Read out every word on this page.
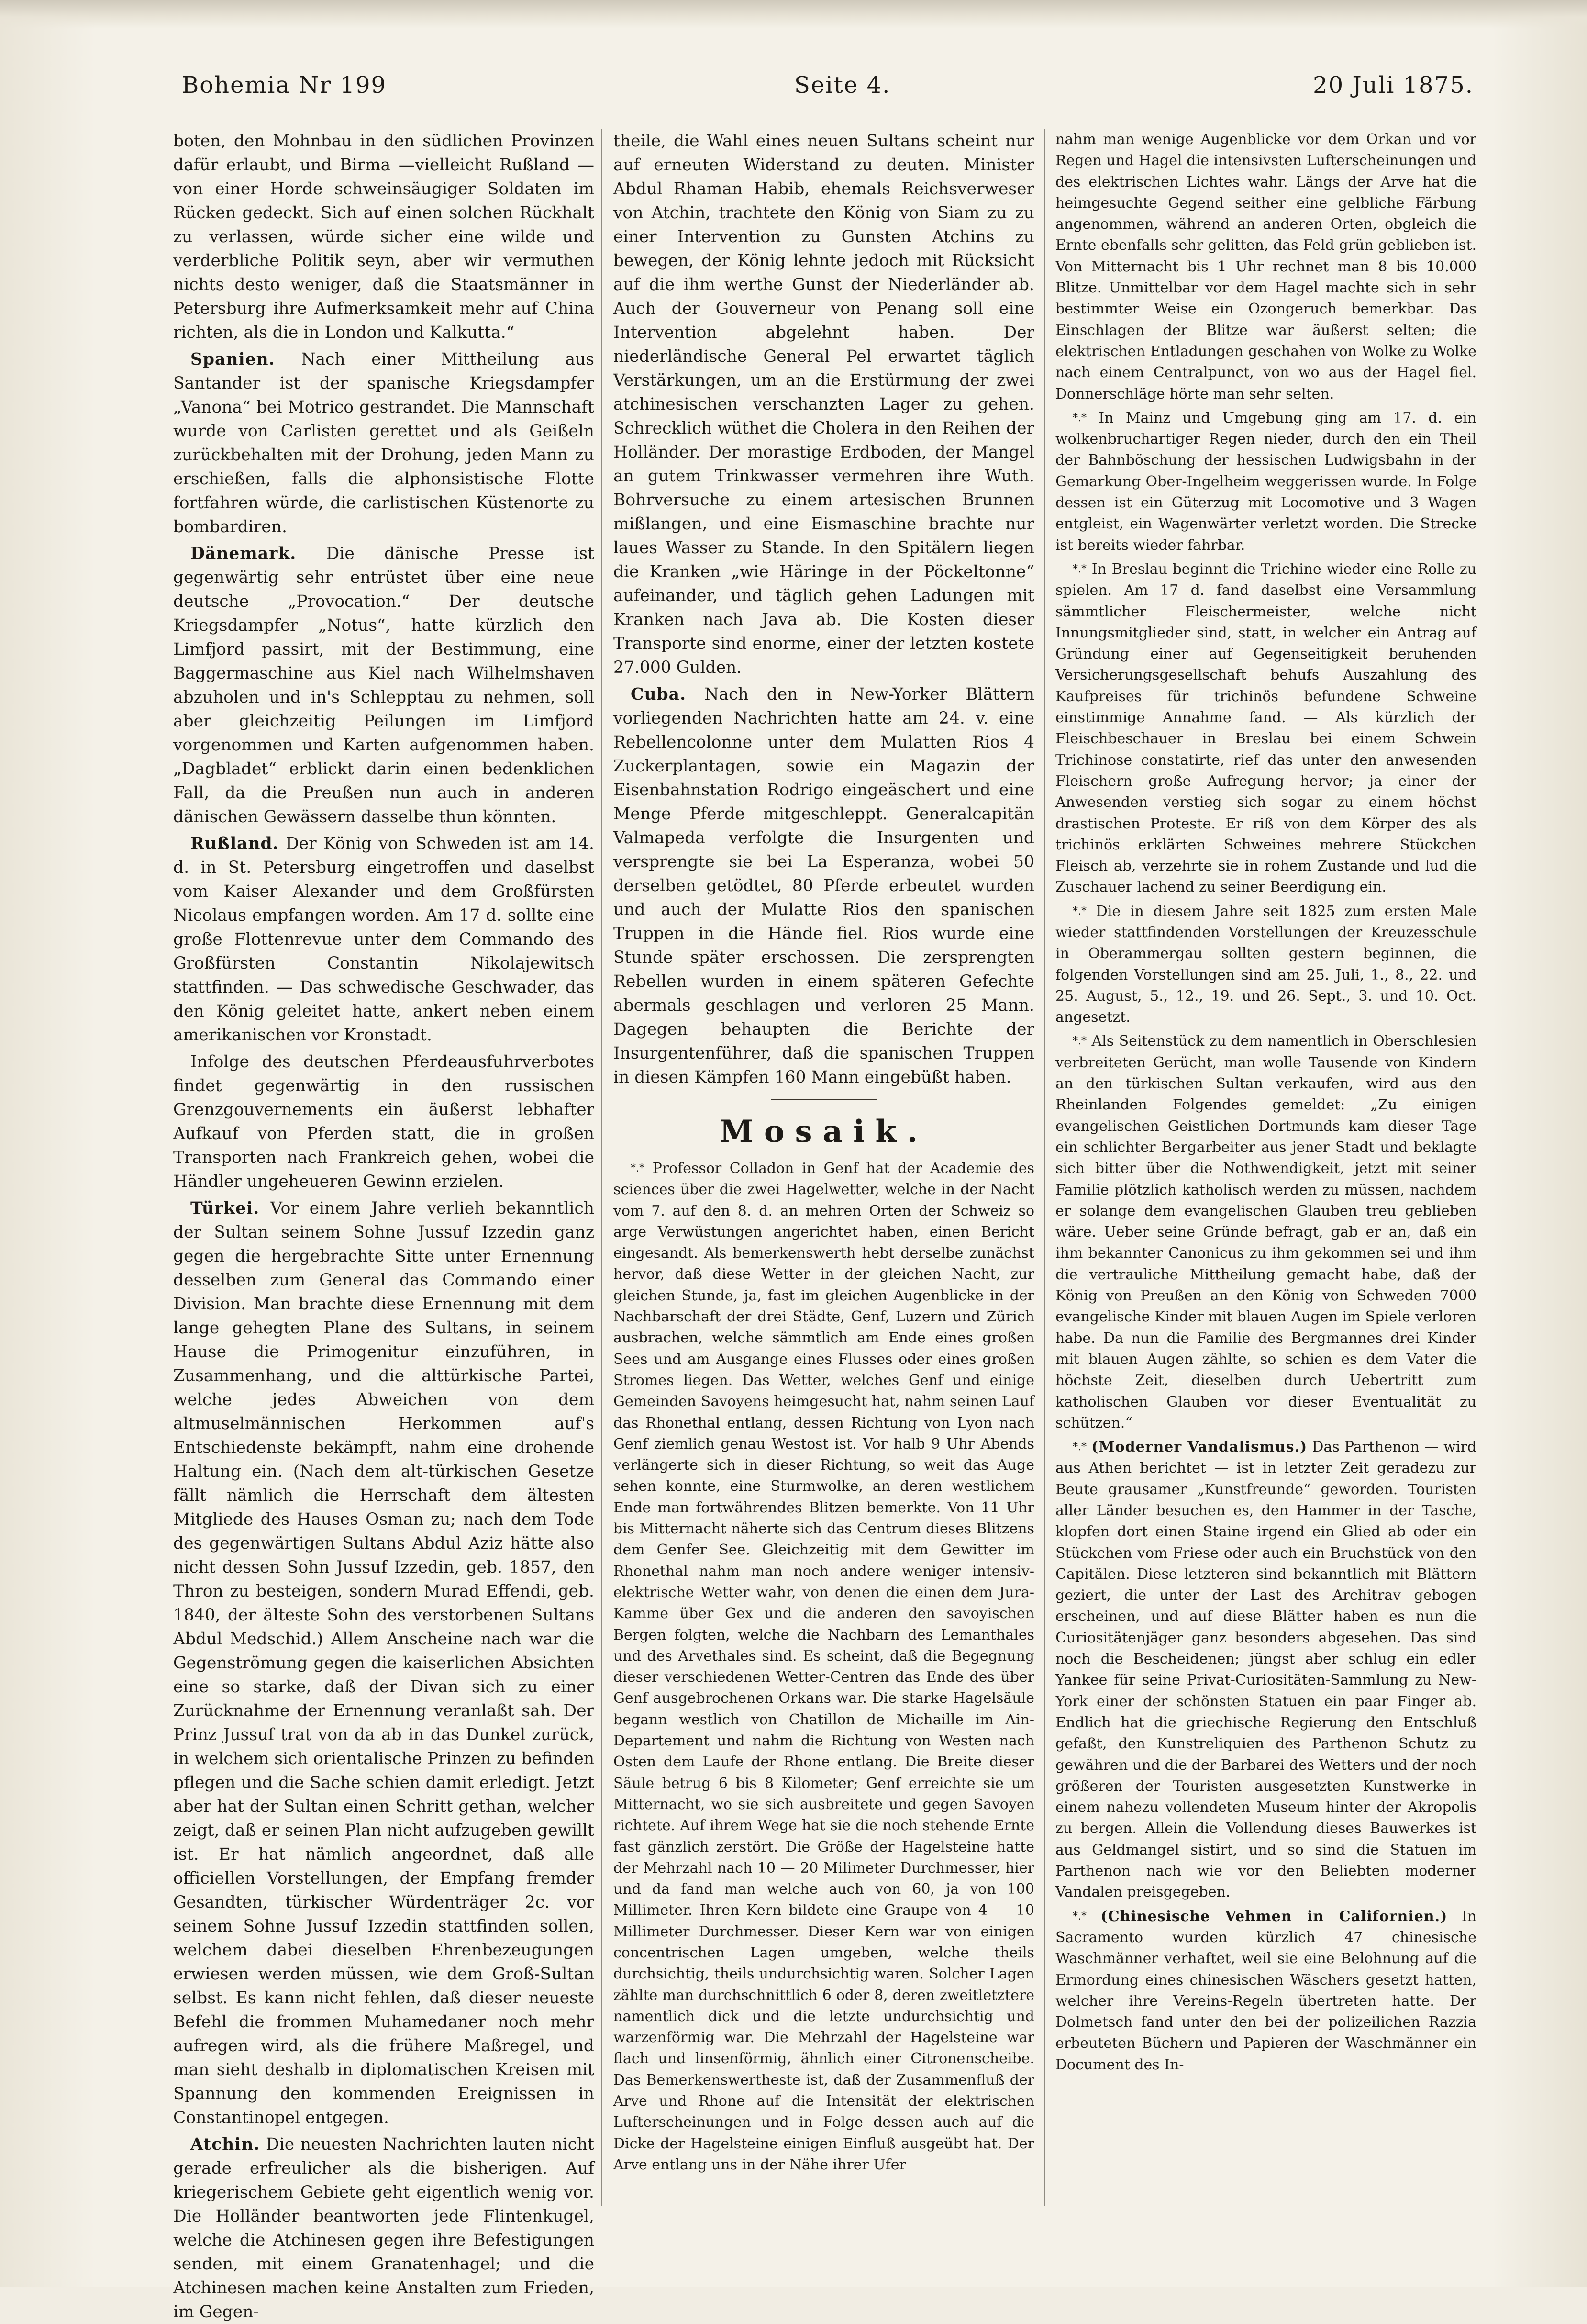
Bohemia Nr 199	Seite 4.	20 Juli 1875.

boten, den Mohnbau in den südlichen Provinzen dafür erlaubt, und Birma —vielleicht Rußland — von einer Horde schweinsäugiger Soldaten im Rücken gedeckt. Sich auf einen solchen Rückhalt zu verlassen, würde sicher eine wilde und verderbliche Politik seyn, aber wir vermuthen nichts desto weniger, daß die Staatsmänner in Petersburg ihre Aufmerksamkeit mehr auf China richten, als die in London und Kalkutta.“

Spanien. Nach einer Mittheilung aus Santander ist der spanische Kriegsdampfer „Vanona“ bei Motrico gestrandet. Die Mannschaft wurde von Carlisten gerettet und als Geißeln zurückbehalten mit der Drohung, jeden Mann zu erschießen, falls die alphonsistische Flotte fortfahren würde, die carlistischen Küstenorte zu bombardiren.

Dänemark. Die dänische Presse ist gegenwärtig sehr entrüstet über eine neue deutsche „Provocation.“ Der deutsche Kriegsdampfer „Notus“, hatte kürzlich den Limfjord passirt, mit der Bestimmung, eine Baggermaschine aus Kiel nach Wilhelmshaven abzuholen und in's Schlepptau zu nehmen, soll aber gleichzeitig Peilungen im Limfjord vorgenommen und Karten aufgenommen haben. „Dagbladet“ erblickt darin einen bedenklichen Fall, da die Preußen nun auch in anderen dänischen Gewässern dasselbe thun könnten.

Rußland. Der König von Schweden ist am 14. d. in St. Petersburg eingetroffen und daselbst vom Kaiser Alexander und dem Großfürsten Nicolaus empfangen worden. Am 17 d. sollte eine große Flottenrevue unter dem Commando des Großfürsten Constantin Nikolajewitsch stattfinden. — Das schwedische Geschwader, das den König geleitet hatte, ankert neben einem amerikanischen vor Kronstadt.

Infolge des deutschen Pferdeausfuhrverbotes findet gegenwärtig in den russischen Grenzgouvernements ein äußerst lebhafter Aufkauf von Pferden statt, die in großen Transporten nach Frankreich gehen, wobei die Händler ungeheueren Gewinn erzielen.

Türkei. Vor einem Jahre verlieh bekanntlich der Sultan seinem Sohne Jussuf Izzedin ganz gegen die hergebrachte Sitte unter Ernennung desselben zum General das Commando einer Division. Man brachte diese Ernennung mit dem lange gehegten Plane des Sultans, in seinem Hause die Primogenitur einzuführen, in Zusammenhang, und die alttürkische Partei, welche jedes Abweichen von dem altmuselmännischen Herkommen auf's Entschiedenste bekämpft, nahm eine drohende Haltung ein. (Nach dem alt-türkischen Gesetze fällt nämlich die Herrschaft dem ältesten Mitgliede des Hauses Osman zu; nach dem Tode des gegenwärtigen Sultans Abdul Aziz hätte also nicht dessen Sohn Jussuf Izzedin, geb. 1857, den Thron zu besteigen, sondern Murad Effendi, geb. 1840, der älteste Sohn des verstorbenen Sultans Abdul Medschid.) Allem Anscheine nach war die Gegenströmung gegen die kaiserlichen Absichten eine so starke, daß der Divan sich zu einer Zurücknahme der Ernennung veranlaßt sah. Der Prinz Jussuf trat von da ab in das Dunkel zurück, in welchem sich orientalische Prinzen zu befinden pflegen und die Sache schien damit erledigt. Jetzt aber hat der Sultan einen Schritt gethan, welcher zeigt, daß er seinen Plan nicht aufzugeben gewillt ist. Er hat nämlich angeordnet, daß alle officiellen Vorstellungen, der Empfang fremder Gesandten, türkischer Würdenträger 2c. vor seinem Sohne Jussuf Izzedin stattfinden sollen, welchem dabei dieselben Ehrenbezeugungen erwiesen werden müssen, wie dem Groß-Sultan selbst. Es kann nicht fehlen, daß dieser neueste Befehl die frommen Muhamedaner noch mehr aufregen wird, als die frühere Maßregel, und man sieht deshalb in diplomatischen Kreisen mit Spannung den kommenden Ereignissen in Constantinopel entgegen.

Atchin. Die neuesten Nachrichten lauten nicht gerade erfreulicher als die bisherigen. Auf kriegerischem Gebiete geht eigentlich wenig vor. Die Holländer beantworten jede Flintenkugel, welche die Atchinesen gegen ihre Befestigungen senden, mit einem Granatenhagel; und die Atchinesen machen keine Anstalten zum Frieden, im Gegen-

theile, die Wahl eines neuen Sultans scheint nur auf erneuten Widerstand zu deuten. Minister Abdul Rhaman Habib, ehemals Reichsverweser von Atchin, trachtete den König von Siam zu zu einer Intervention zu Gunsten Atchins zu bewegen, der König lehnte jedoch mit Rücksicht auf die ihm werthe Gunst der Niederländer ab. Auch der Gouverneur von Penang soll eine Intervention abgelehnt haben. Der niederländische General Pel erwartet täglich Verstärkungen, um an die Erstürmung der zwei atchinesischen verschanzten Lager zu gehen. Schrecklich wüthet die Cholera in den Reihen der Holländer. Der morastige Erdboden, der Mangel an gutem Trinkwasser vermehren ihre Wuth. Bohrversuche zu einem artesischen Brunnen mißlangen, und eine Eismaschine brachte nur laues Wasser zu Stande. In den Spitälern liegen die Kranken „wie Häringe in der Pöckeltonne“ aufeinander, und täglich gehen Ladungen mit Kranken nach Java ab. Die Kosten dieser Transporte sind enorme, einer der letzten kostete 27.000 Gulden.

Cuba. Nach den in New-Yorker Blättern vorliegenden Nachrichten hatte am 24. v. eine Rebellencolonne unter dem Mulatten Rios 4 Zuckerplantagen, sowie ein Magazin der Eisenbahnstation Rodrigo eingeäschert und eine Menge Pferde mitgeschleppt. Generalcapitän Valmapeda verfolgte die Insurgenten und versprengte sie bei La Esperanza, wobei 50 derselben getödtet, 80 Pferde erbeutet wurden und auch der Mulatte Rios den spanischen Truppen in die Hände fiel. Rios wurde eine Stunde später erschossen. Die zersprengten Rebellen wurden in einem späteren Gefechte abermals geschlagen und verloren 25 Mann. Dagegen behaupten die Berichte der Insurgentenführer, daß die spanischen Truppen in diesen Kämpfen 160 Mann eingebüßt haben.

Mosaik.

*.* Professor Colladon in Genf hat der Academie des sciences über die zwei Hagelwetter, welche in der Nacht vom 7. auf den 8. d. an mehren Orten der Schweiz so arge Verwüstungen angerichtet haben, einen Bericht eingesandt. Als bemerkenswerth hebt derselbe zunächst hervor, daß diese Wetter in der gleichen Nacht, zur gleichen Stunde, ja, fast im gleichen Augenblicke in der Nachbarschaft der drei Städte, Genf, Luzern und Zürich ausbrachen, welche sämmtlich am Ende eines großen Sees und am Ausgange eines Flusses oder eines großen Stromes liegen. Das Wetter, welches Genf und einige Gemeinden Savoyens heimgesucht hat, nahm seinen Lauf das Rhonethal entlang, dessen Richtung von Lyon nach Genf ziemlich genau Westost ist. Vor halb 9 Uhr Abends verlängerte sich in dieser Richtung, so weit das Auge sehen konnte, eine Sturmwolke, an deren westlichem Ende man fortwährendes Blitzen bemerkte. Von 11 Uhr bis Mitternacht näherte sich das Centrum dieses Blitzens dem Genfer See. Gleichzeitig mit dem Gewitter im Rhonethal nahm man noch andere weniger intensiv-elektrische Wetter wahr, von denen die einen dem Jura-Kamme über Gex und die anderen den savoyischen Bergen folgten, welche die Nachbarn des Lemanthales und des Arvethales sind. Es scheint, daß die Begegnung dieser verschiedenen Wetter-Centren das Ende des über Genf ausgebrochenen Orkans war. Die starke Hagelsäule begann westlich von Chatillon de Michaille im Ain-Departement und nahm die Richtung von Westen nach Osten dem Laufe der Rhone entlang. Die Breite dieser Säule betrug 6 bis 8 Kilometer; Genf erreichte sie um Mitternacht, wo sie sich ausbreitete und gegen Savoyen richtete. Auf ihrem Wege hat sie die noch stehende Ernte fast gänzlich zerstört. Die Größe der Hagelsteine hatte der Mehrzahl nach 10 — 20 Milimeter Durchmesser, hier und da fand man welche auch von 60, ja von 100 Millimeter. Ihren Kern bildete eine Graupe von 4 — 10 Millimeter Durchmesser. Dieser Kern war von einigen concentrischen Lagen umgeben, welche theils durchsichtig, theils undurchsichtig waren. Solcher Lagen zählte man durchschnittlich 6 oder 8, deren zweitletztere namentlich dick und die letzte undurchsichtig und warzenförmig war. Die Mehrzahl der Hagelsteine war flach und linsenförmig, ähnlich einer Citronenscheibe. Das Bemerkenswertheste ist, daß der Zusammenfluß der Arve und Rhone auf die Intensität der elektrischen Lufterscheinungen und in Folge dessen auch auf die Dicke der Hagelsteine einigen Einfluß ausgeübt hat. Der Arve entlang uns in der Nähe ihrer Ufer

nahm man wenige Augenblicke vor dem Orkan und vor Regen und Hagel die intensivsten Lufterscheinungen und des elektrischen Lichtes wahr. Längs der Arve hat die heimgesuchte Gegend seither eine gelbliche Färbung angenommen, während an anderen Orten, obgleich die Ernte ebenfalls sehr gelitten, das Feld grün geblieben ist. Von Mitternacht bis 1 Uhr rechnet man 8 bis 10.000 Blitze. Unmittelbar vor dem Hagel machte sich in sehr bestimmter Weise ein Ozongeruch bemerkbar. Das Einschlagen der Blitze war äußerst selten; die elektrischen Entladungen geschahen von Wolke zu Wolke nach einem Centralpunct, von wo aus der Hagel fiel. Donnerschläge hörte man sehr selten.

*.* In Mainz und Umgebung ging am 17. d. ein wolkenbruchartiger Regen nieder, durch den ein Theil der Bahnböschung der hessischen Ludwigsbahn in der Gemarkung Ober-Ingelheim weggerissen wurde. In Folge dessen ist ein Güterzug mit Locomotive und 3 Wagen entgleist, ein Wagenwärter verletzt worden. Die Strecke ist bereits wieder fahrbar.

*.* In Breslau beginnt die Trichine wieder eine Rolle zu spielen. Am 17 d. fand daselbst eine Versammlung sämmtlicher Fleischermeister, welche nicht Innungsmitglieder sind, statt, in welcher ein Antrag auf Gründung einer auf Gegenseitigkeit beruhenden Versicherungsgesellschaft behufs Auszahlung des Kaufpreises für trichinös befundene Schweine einstimmige Annahme fand. — Als kürzlich der Fleischbeschauer in Breslau bei einem Schwein Trichinose constatirte, rief das unter den anwesenden Fleischern große Aufregung hervor; ja einer der Anwesenden verstieg sich sogar zu einem höchst drastischen Proteste. Er riß von dem Körper des als trichinös erklärten Schweines mehrere Stückchen Fleisch ab, verzehrte sie in rohem Zustande und lud die Zuschauer lachend zu seiner Beerdigung ein.

*.* Die in diesem Jahre seit 1825 zum ersten Male wieder stattfindenden Vorstellungen der Kreuzesschule in Oberammergau sollten gestern beginnen, die folgenden Vorstellungen sind am 25. Juli, 1., 8., 22. und 25. August, 5., 12., 19. und 26. Sept., 3. und 10. Oct. angesetzt.

*.* Als Seitenstück zu dem namentlich in Oberschlesien verbreiteten Gerücht, man wolle Tausende von Kindern an den türkischen Sultan verkaufen, wird aus den Rheinlanden Folgendes gemeldet: „Zu einigen evangelischen Geistlichen Dortmunds kam dieser Tage ein schlichter Bergarbeiter aus jener Stadt und beklagte sich bitter über die Nothwendigkeit, jetzt mit seiner Familie plötzlich katholisch werden zu müssen, nachdem er solange dem evangelischen Glauben treu geblieben wäre. Ueber seine Gründe befragt, gab er an, daß ein ihm bekannter Canonicus zu ihm gekommen sei und ihm die vertrauliche Mittheilung gemacht habe, daß der König von Preußen an den König von Schweden 7000 evangelische Kinder mit blauen Augen im Spiele verloren habe. Da nun die Familie des Bergmannes drei Kinder mit blauen Augen zählte, so schien es dem Vater die höchste Zeit, dieselben durch Uebertritt zum katholischen Glauben vor dieser Eventualität zu schützen.“

*.* (Moderner Vandalismus.) Das Parthenon — wird aus Athen berichtet — ist in letzter Zeit geradezu zur Beute grausamer „Kunstfreunde“ geworden. Touristen aller Länder besuchen es, den Hammer in der Tasche, klopfen dort einen Staine irgend ein Glied ab oder ein Stückchen vom Friese oder auch ein Bruchstück von den Capitälen. Diese letzteren sind bekanntlich mit Blättern geziert, die unter der Last des Architrav gebogen erscheinen, und auf diese Blätter haben es nun die Curiositätenjäger ganz besonders abgesehen. Das sind noch die Bescheidenen; jüngst aber schlug ein edler Yankee für seine Privat-Curiositäten-Sammlung zu New-York einer der schönsten Statuen ein paar Finger ab. Endlich hat die griechische Regierung den Entschluß gefaßt, den Kunstreliquien des Parthenon Schutz zu gewähren und die der Barbarei des Wetters und der noch größeren der Touristen ausgesetzten Kunstwerke in einem nahezu vollendeten Museum hinter der Akropolis zu bergen. Allein die Vollendung dieses Bauwerkes ist aus Geldmangel sistirt, und so sind die Statuen im Parthenon nach wie vor den Beliebten moderner Vandalen preisgegeben.

*.* (Chinesische Vehmen in Californien.) In Sacramento wurden kürzlich 47 chinesische Waschmänner verhaftet, weil sie eine Belohnung auf die Ermordung eines chinesischen Wäschers gesetzt hatten, welcher ihre Vereins-Regeln übertreten hatte. Der Dolmetsch fand unter den bei der polizeilichen Razzia erbeuteten Büchern und Papieren der Waschmänner ein Document des In-
